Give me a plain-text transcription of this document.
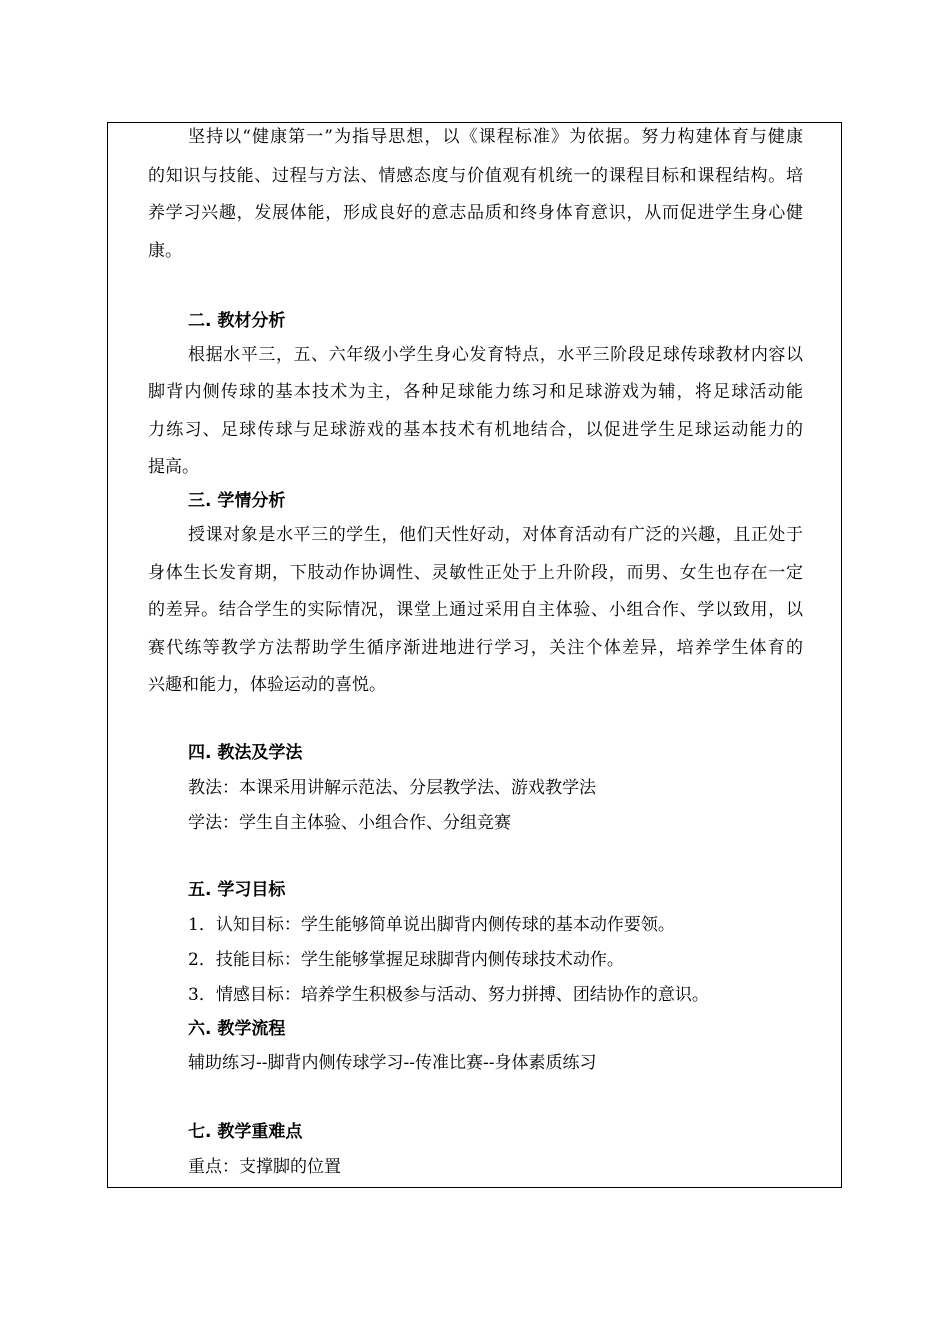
坚持以“健康第一”为指导思想，以《课程标准》为依据。努力构建体育与健康
的知识与技能、过程与方法、情感态度与价值观有机统一的课程目标和课程结构。培
养学习兴趣，发展体能，形成良好的意志品质和终身体育意识，从而促进学生身心健
康。
二. 教材分析
根据水平三，五、六年级小学生身心发育特点，水平三阶段足球传球教材内容以
脚背内侧传球的基本技术为主，各种足球能力练习和足球游戏为辅，将足球活动能
力练习、足球传球与足球游戏的基本技术有机地结合，以促进学生足球运动能力的
提高。
三. 学情分析
授课对象是水平三的学生，他们天性好动，对体育活动有广泛的兴趣，且正处于
身体生长发育期，下肢动作协调性、灵敏性正处于上升阶段，而男、女生也存在一定
的差异。结合学生的实际情况，课堂上通过采用自主体验、小组合作、学以致用，以
赛代练等教学方法帮助学生循序渐进地进行学习，关注个体差异，培养学生体育的
兴趣和能力，体验运动的喜悦。
四. 教法及学法
教法：本课采用讲解示范法、分层教学法、游戏教学法
学法：学生自主体验、小组合作、分组竞赛
五. 学习目标
1．认知目标：学生能够简单说出脚背内侧传球的基本动作要领。
2．技能目标：学生能够掌握足球脚背内侧传球技术动作。
3．情感目标：培养学生积极参与活动、努力拼搏、团结协作的意识。
六. 教学流程
辅助练习--脚背内侧传球学习--传准比赛--身体素质练习
七. 教学重难点
重点：支撑脚的位置
